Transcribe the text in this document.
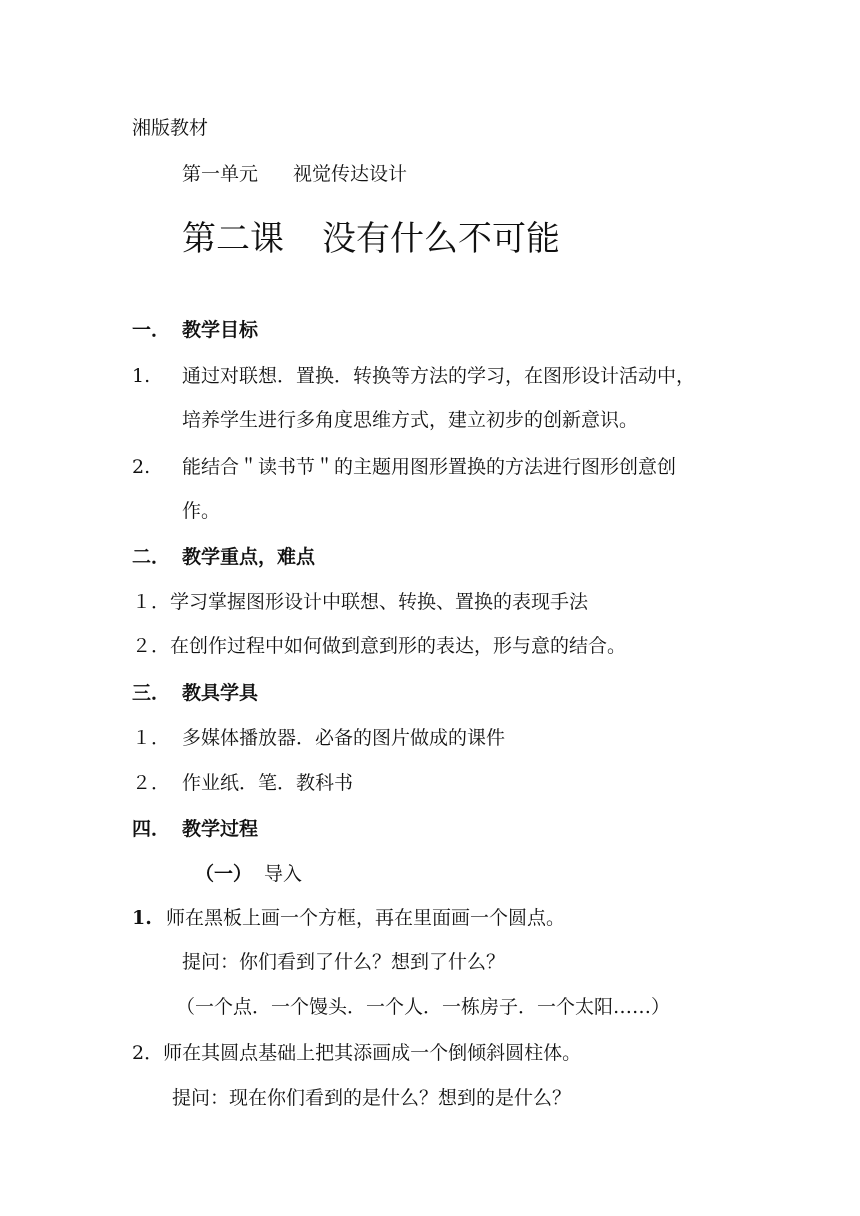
湘版教材
第一单元 视觉传达设计
第二课 没有什么不可能
一． 教学目标
1. 通过对联想．置换．转换等方法的学习，在图形设计活动中，
培养学生进行多角度思维方式，建立初步的创新意识。
2. 能结合＂读书节＂的主题用图形置换的方法进行图形创意创
作。
二． 教学重点，难点
１．学习掌握图形设计中联想、转换、置换的表现手法
２．在创作过程中如何做到意到形的表达，形与意的结合。
三． 教具学具
１． 多媒体播放器．必备的图片做成的课件
２． 作业纸．笔．教科书
四． 教学过程
（一） 导入
1. 师在黑板上画一个方框，再在里面画一个圆点。
提问：你们看到了什么？想到了什么？
（一个点．一个馒头．一个人．一栋房子．一个太阳……）
2．师在其圆点基础上把其添画成一个倒倾斜圆柱体。
提问：现在你们看到的是什么？想到的是什么？
